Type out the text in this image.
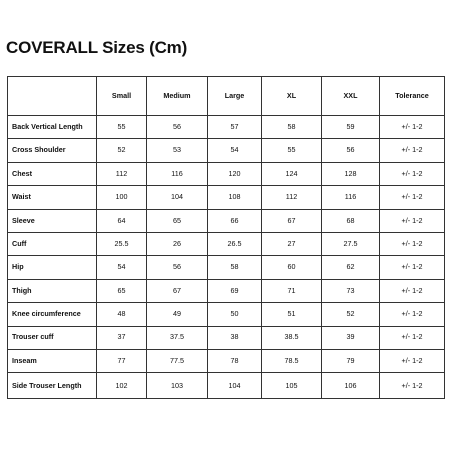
COVERALL Sizes (Cm)
	Small	Medium	Large	XL	XXL	Tolerance
Back Vertical Length	55	56	57	58	59	+/- 1-2
Cross Shoulder	52	53	54	55	56	+/- 1-2
Chest	112	116	120	124	128	+/- 1-2
Waist	100	104	108	112	116	+/- 1-2
Sleeve	64	65	66	67	68	+/- 1-2
Cuff	25.5	26	26.5	27	27.5	+/- 1-2
Hip	54	56	58	60	62	+/- 1-2
Thigh	65	67	69	71	73	+/- 1-2
Knee circumference	48	49	50	51	52	+/- 1-2
Trouser cuff	37	37.5	38	38.5	39	+/- 1-2
Inseam	77	77.5	78	78.5	79	+/- 1-2
Side Trouser Length	102	103	104	105	106	+/- 1-2
